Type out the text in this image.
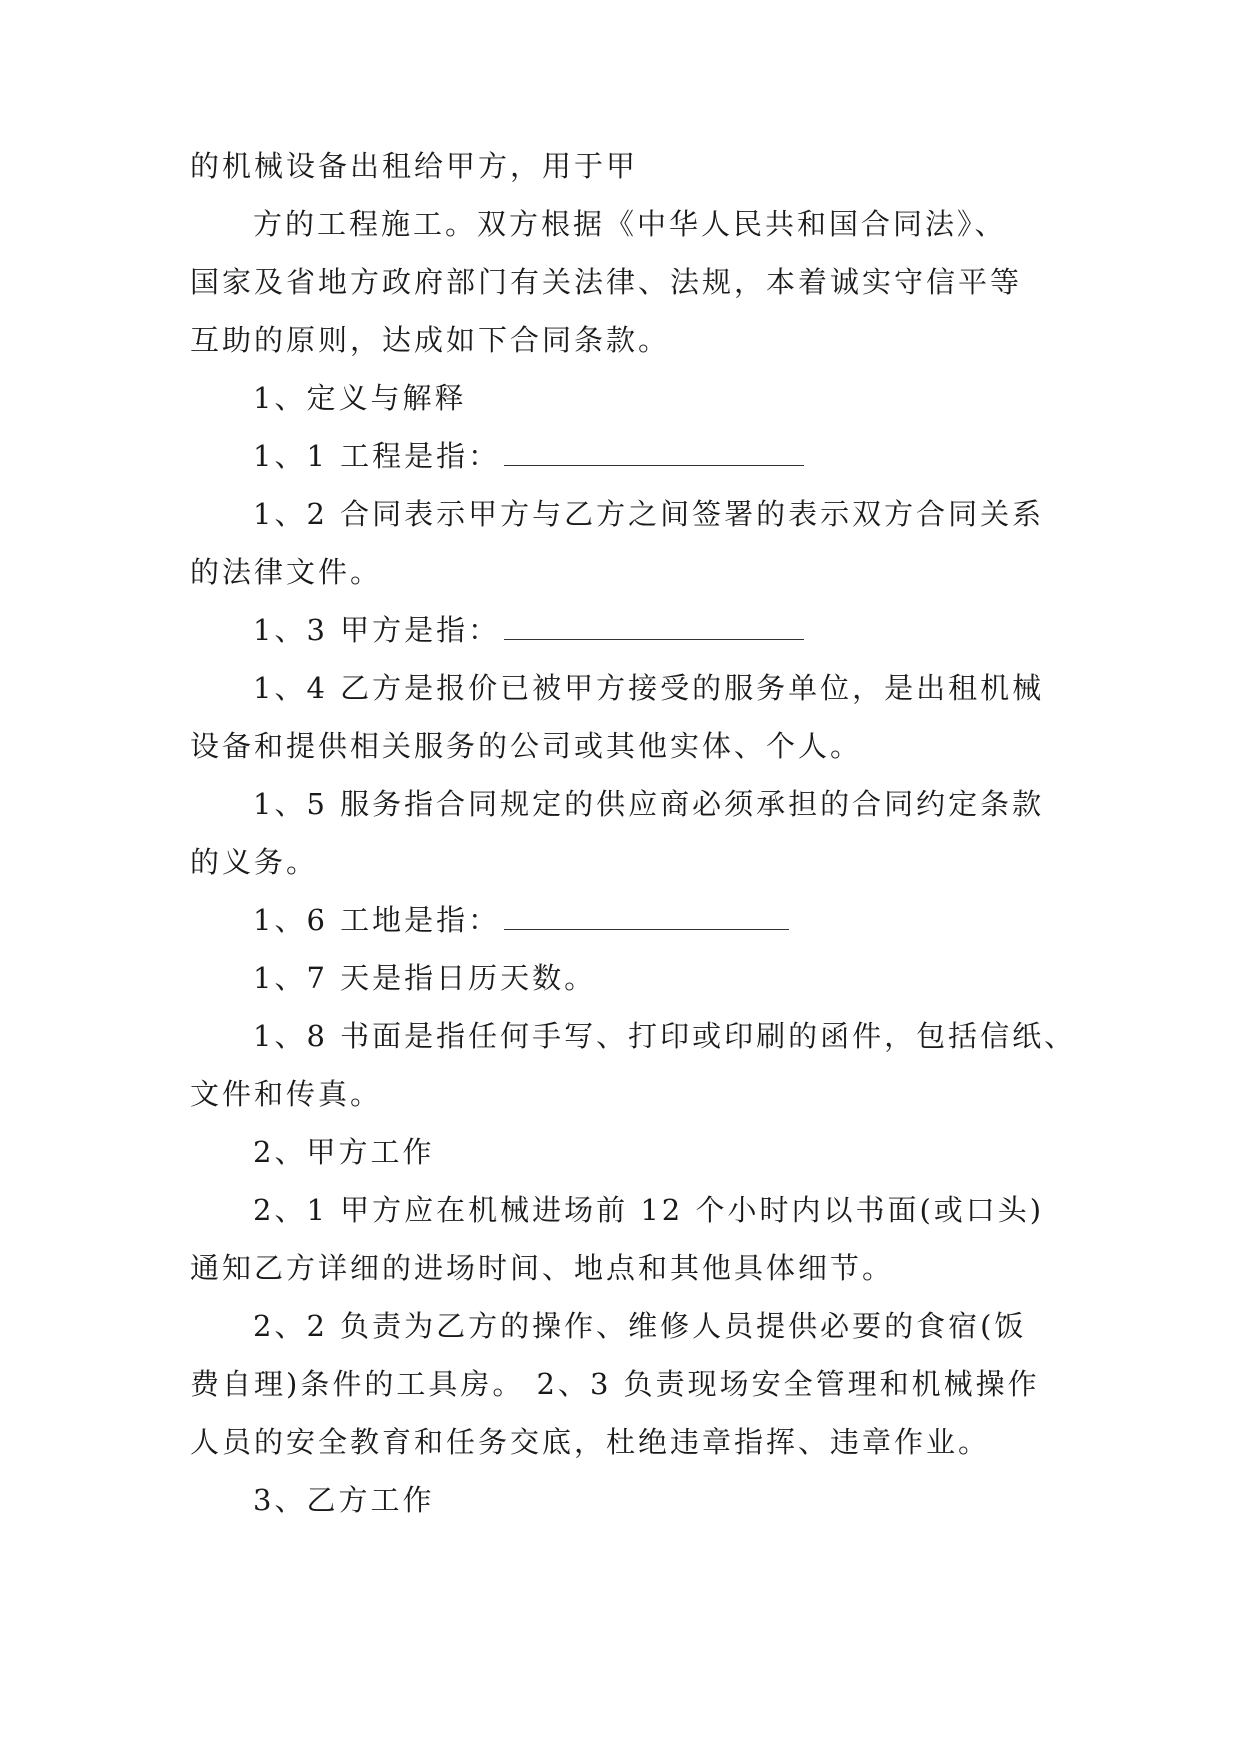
的机械设备出租给甲方，用于甲
方的工程施工。双方根据《中华人民共和国合同法》、
国家及省地方政府部门有关法律、法规，本着诚实守信平等
互助的原则，达成如下合同条款。
1、定义与解释
1、1 工程是指：
1、2 合同表示甲方与乙方之间签署的表示双方合同关系
的法律文件。
1、3 甲方是指：
1、4 乙方是报价已被甲方接受的服务单位，是出租机械
设备和提供相关服务的公司或其他实体、个人。
1、5 服务指合同规定的供应商必须承担的合同约定条款
的义务。
1、6 工地是指：
1、7 天是指日历天数。
1、8 书面是指任何手写、打印或印刷的函件，包括信纸、
文件和传真。
2、甲方工作
2、1 甲方应在机械进场前 12 个小时内以书面(或口头)
通知乙方详细的进场时间、地点和其他具体细节。
2、2 负责为乙方的操作、维修人员提供必要的食宿(饭
费自理)条件的工具房。 2、3 负责现场安全管理和机械操作
人员的安全教育和任务交底，杜绝违章指挥、违章作业。
3、乙方工作
